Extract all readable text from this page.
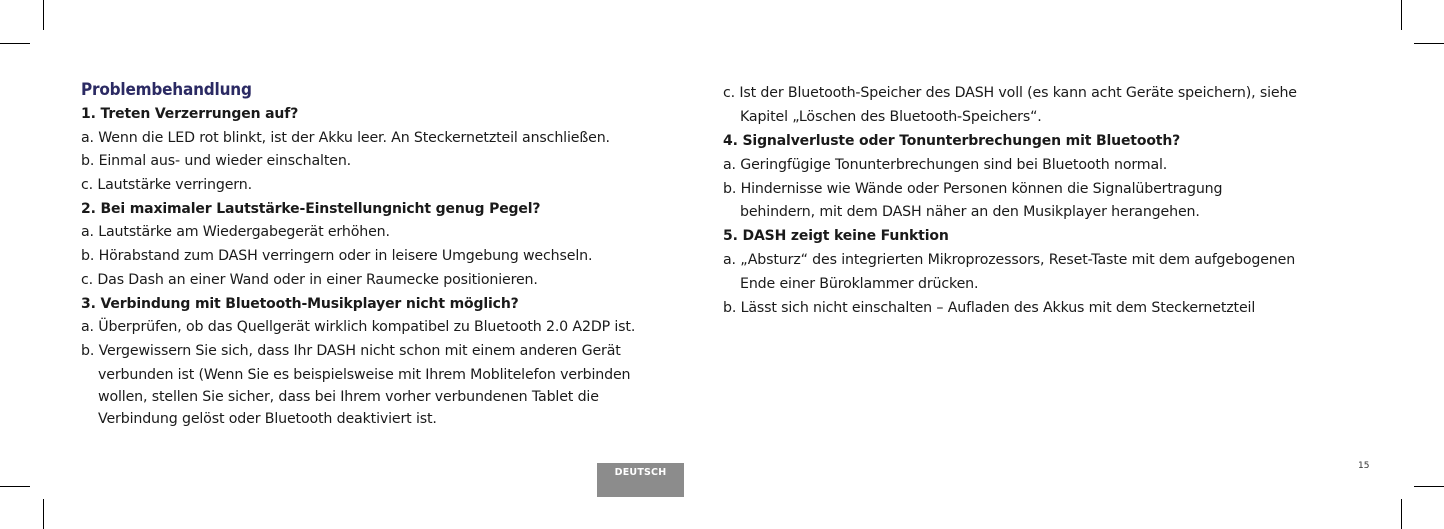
Problembehandlung
1. Treten Verzerrungen auf?
a. Wenn die LED rot blinkt, ist der Akku leer. An Steckernetzteil anschließen.
b. Einmal aus- und wieder einschalten.
c. Lautstärke verringern.
2. Bei maximaler Lautstärke-Einstellungnicht genug Pegel?
a. Lautstärke am Wiedergabegerät erhöhen.
b. Hörabstand zum DASH verringern oder in leisere Umgebung wechseln.
c. Das Dash an einer Wand oder in einer Raumecke positionieren.
3. Verbindung mit Bluetooth-Musikplayer nicht möglich?
a. Überprüfen, ob das Quellgerät wirklich kompatibel zu Bluetooth 2.0 A2DP ist.
b. Vergewissern Sie sich, dass Ihr DASH nicht schon mit einem anderen Gerät
verbunden ist (Wenn Sie es beispielsweise mit Ihrem Moblitelefon verbinden
wollen, stellen Sie sicher, dass bei Ihrem vorher verbundenen Tablet die
Verbindung gelöst oder Bluetooth deaktiviert ist.
c. Ist der Bluetooth-Speicher des DASH voll (es kann acht Geräte speichern), siehe
Kapitel „Löschen des Bluetooth-Speichers“.
4. Signalverluste oder Tonunterbrechungen mit Bluetooth?
a. Geringfügige Tonunterbrechungen sind bei Bluetooth normal.
b. Hindernisse wie Wände oder Personen können die Signalübertragung
behindern, mit dem DASH näher an den Musikplayer herangehen.
5. DASH zeigt keine Funktion
a. „Absturz“ des integrierten Mikroprozessors, Reset-Taste mit dem aufgebogenen
Ende einer Büroklammer drücken.
b. Lässt sich nicht einschalten – Aufladen des Akkus mit dem Steckernetzteil
DEUTSCH
15
